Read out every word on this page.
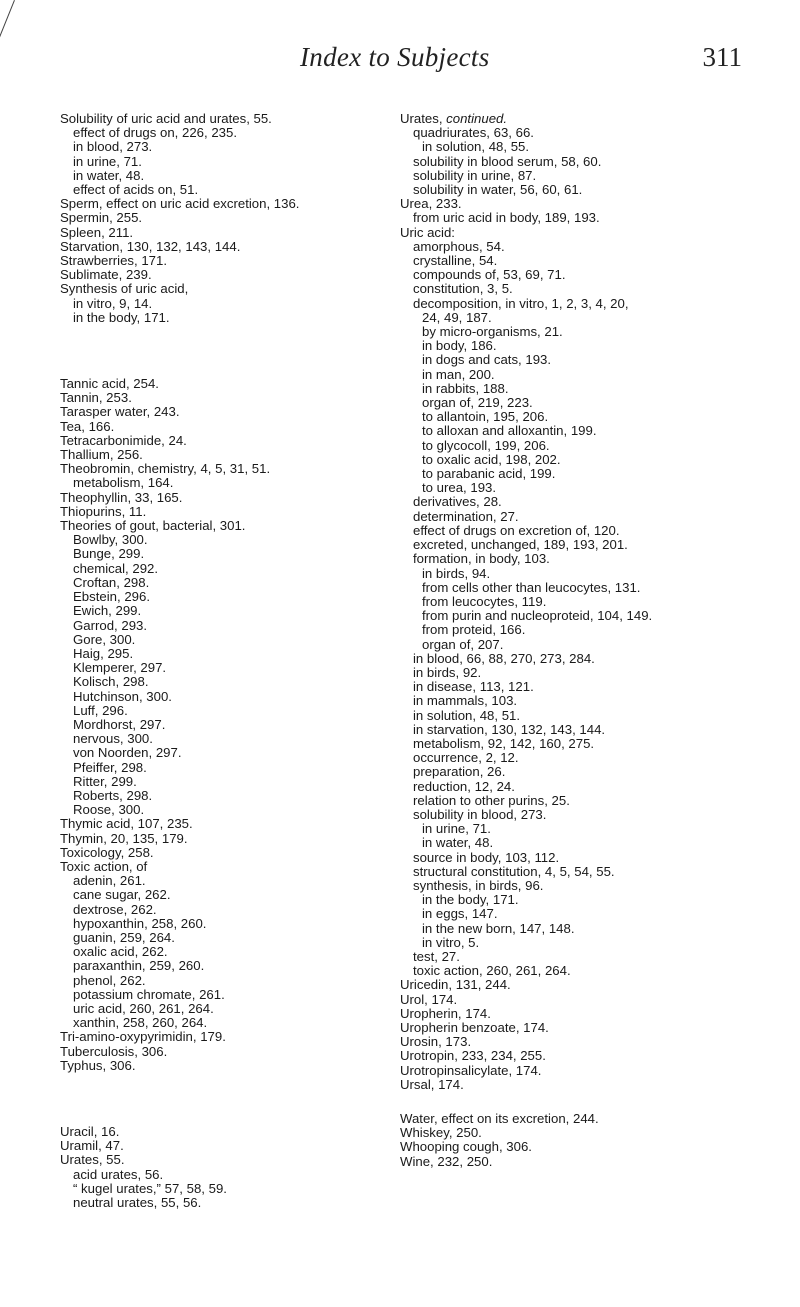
Index to Subjects	311
Solubility of uric acid and urates, 55.
effect of drugs on, 226, 235.
in blood, 273.
in urine, 71.
in water, 48.
effect of acids on, 51.
Sperm, effect on uric acid excretion, 136.
Spermin, 255.
Spleen, 211.
Starvation, 130, 132, 143, 144.
Strawberries, 171.
Sublimate, 239.
Synthesis of uric acid,
in vitro, 9, 14.
in the body, 171.
Tannic acid, 254.
Tannin, 253.
Tarasper water, 243.
Tea, 166.
Tetracarbonimide, 24.
Thallium, 256.
Theobromin, chemistry, 4, 5, 31, 51.
metabolism, 164.
Theophyllin, 33, 165.
Thiopurins, 11.
Theories of gout, bacterial, 301.
Bowlby, 300.
Bunge, 299.
chemical, 292.
Croftan, 298.
Ebstein, 296.
Ewich, 299.
Garrod, 293.
Gore, 300.
Haig, 295.
Klemperer, 297.
Kolisch, 298.
Hutchinson, 300.
Luff, 296.
Mordhorst, 297.
nervous, 300.
von Noorden, 297.
Pfeiffer, 298.
Ritter, 299.
Roberts, 298.
Roose, 300.
Thymic acid, 107, 235.
Thymin, 20, 135, 179.
Toxicology, 258.
Toxic action, of
adenin, 261.
cane sugar, 262.
dextrose, 262.
hypoxanthin, 258, 260.
guanin, 259, 264.
oxalic acid, 262.
paraxanthin, 259, 260.
phenol, 262.
potassium chromate, 261.
uric acid, 260, 261, 264.
xanthin, 258, 260, 264.
Tri-amino-oxypyrimidin, 179.
Tuberculosis, 306.
Typhus, 306.
Uracil, 16.
Uramil, 47.
Urates, 55.
acid urates, 56.
“ kugel urates,” 57, 58, 59.
neutral urates, 55, 56.
Urates, continued.
quadriurates, 63, 66.
in solution, 48, 55.
solubility in blood serum, 58, 60.
solubility in urine, 87.
solubility in water, 56, 60, 61.
Urea, 233.
from uric acid in body, 189, 193.
Uric acid:
amorphous, 54.
crystalline, 54.
compounds of, 53, 69, 71.
constitution, 3, 5.
decomposition, in vitro, 1, 2, 3, 4, 20,
24, 49, 187.
by micro-organisms, 21.
in body, 186.
in dogs and cats, 193.
in man, 200.
in rabbits, 188.
organ of, 219, 223.
to allantoin, 195, 206.
to alloxan and alloxantin, 199.
to glycocoll, 199, 206.
to oxalic acid, 198, 202.
to parabanic acid, 199.
to urea, 193.
derivatives, 28.
determination, 27.
effect of drugs on excretion of, 120.
excreted, unchanged, 189, 193, 201.
formation, in body, 103.
in birds, 94.
from cells other than leucocytes, 131.
from leucocytes, 119.
from purin and nucleoproteid, 104, 149.
from proteid, 166.
organ of, 207.
in blood, 66, 88, 270, 273, 284.
in birds, 92.
in disease, 113, 121.
in mammals, 103.
in solution, 48, 51.
in starvation, 130, 132, 143, 144.
metabolism, 92, 142, 160, 275.
occurrence, 2, 12.
preparation, 26.
reduction, 12, 24.
relation to other purins, 25.
solubility in blood, 273.
in urine, 71.
in water, 48.
source in body, 103, 112.
structural constitution, 4, 5, 54, 55.
synthesis, in birds, 96.
in the body, 171.
in eggs, 147.
in the new born, 147, 148.
in vitro, 5.
test, 27.
toxic action, 260, 261, 264.
Uricedin, 131, 244.
Urol, 174.
Uropherin, 174.
Uropherin benzoate, 174.
Urosin, 173.
Urotropin, 233, 234, 255.
Urotropinsalicylate, 174.
Ursal, 174.
Water, effect on its excretion, 244.
Whiskey, 250.
Whooping cough, 306.
Wine, 232, 250.
